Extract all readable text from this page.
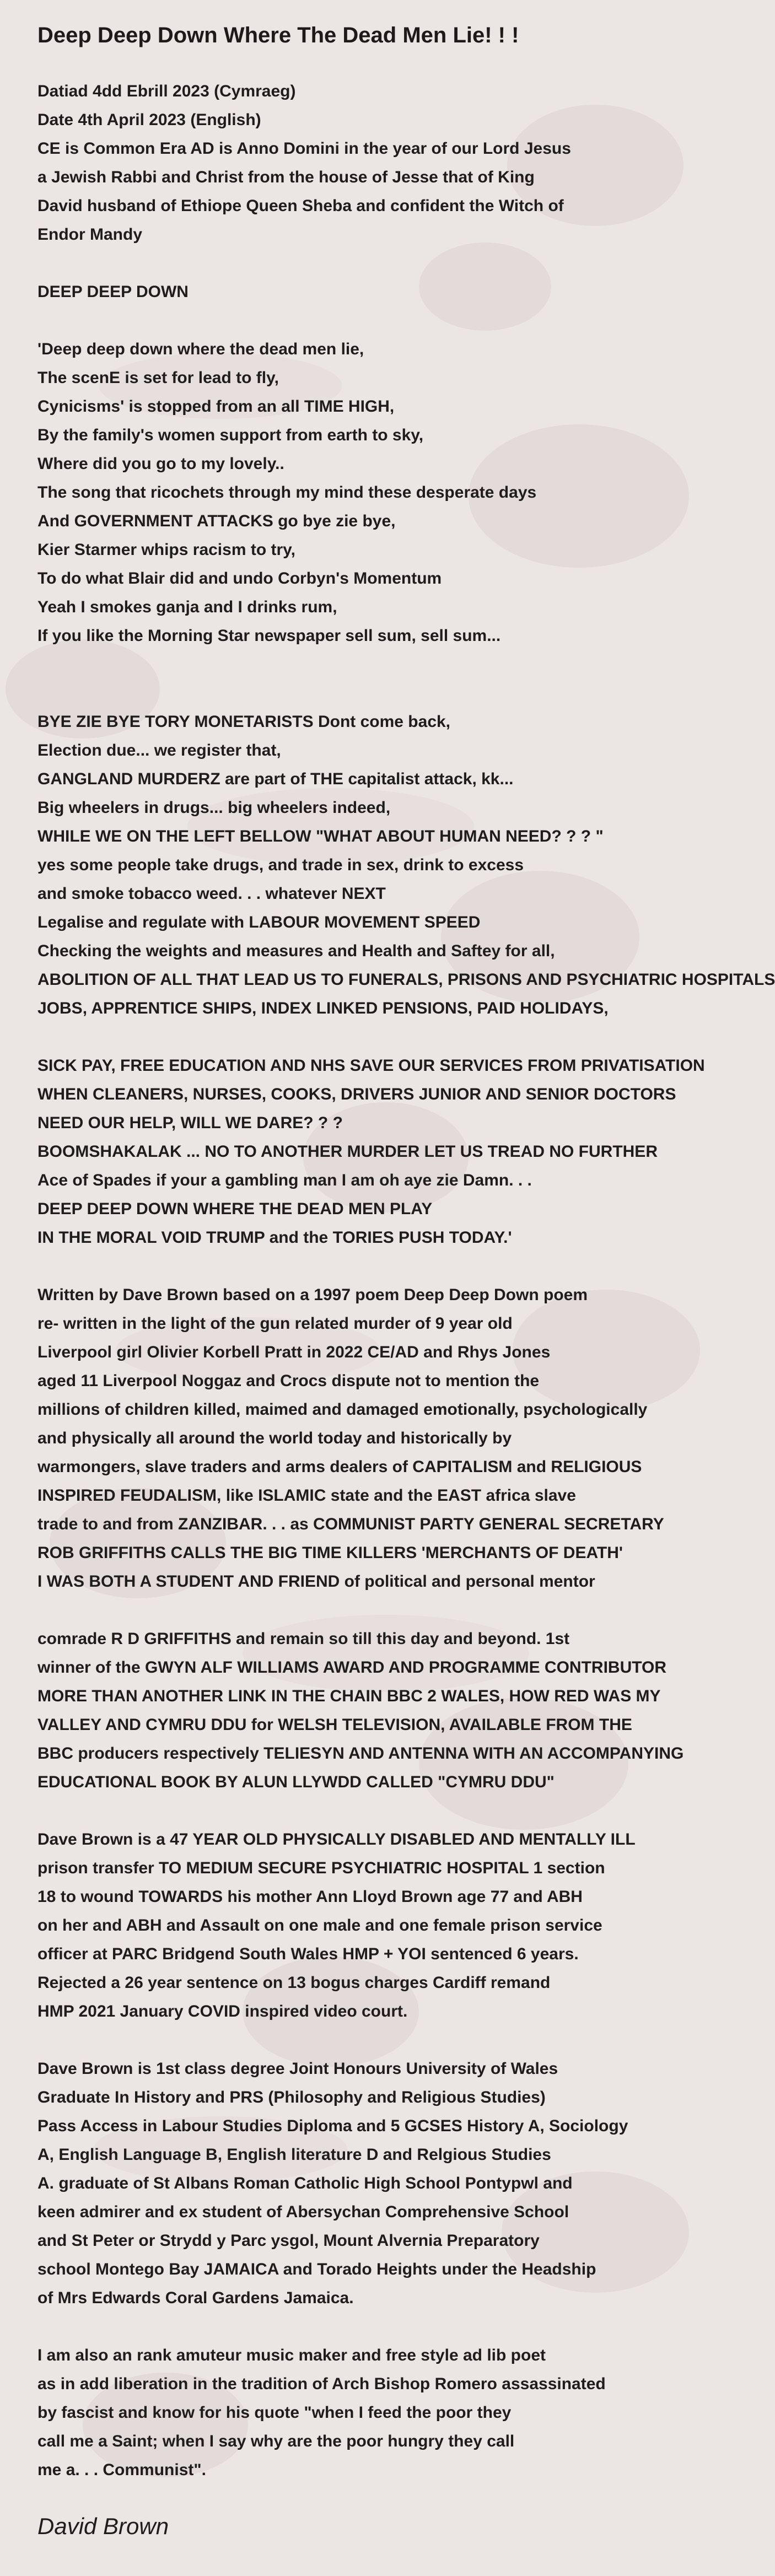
Deep Deep Down Where The Dead Men Lie! ! !
Datiad 4dd Ebrill 2023 (Cymraeg)
Date 4th April 2023 (English)
CE is Common Era AD is Anno Domini in the year of our Lord Jesus
a Jewish Rabbi and Christ from the house of Jesse that of King
David husband of Ethiope Queen Sheba and confident the Witch of
Endor Mandy
DEEP DEEP DOWN
'Deep deep down where the dead men lie,
The scenE is set for lead to fly,
Cynicisms' is stopped from an all TIME HIGH,
By the family's women support from earth to sky,
Where did you go to my lovely..
The song that ricochets through my mind these desperate days
And GOVERNMENT ATTACKS go bye zie bye,
Kier Starmer whips racism to try,
To do what Blair did and undo Corbyn's Momentum
Yeah I smokes ganja and I drinks rum,
If you like the Morning Star newspaper sell sum, sell sum...
BYE ZIE BYE TORY MONETARISTS Dont come back,
Election due... we register that,
GANGLAND MURDERZ are part of THE capitalist attack, kk...
Big wheelers in drugs... big wheelers indeed,
WHILE WE ON THE LEFT BELLOW "WHAT ABOUT HUMAN NEED? ? ? "
yes some people take drugs, and trade in sex, drink to excess
and smoke tobacco weed. . . whatever NEXT
Legalise and regulate with LABOUR MOVEMENT SPEED
Checking the weights and measures and Health and Saftey for all,
ABOLITION OF ALL THAT LEAD US TO FUNERALS, PRISONS AND PSYCHIATRIC HOSPITALS
JOBS, APPRENTICE SHIPS, INDEX LINKED PENSIONS, PAID HOLIDAYS,
SICK PAY, FREE EDUCATION AND NHS SAVE OUR SERVICES FROM PRIVATISATION
WHEN CLEANERS, NURSES, COOKS, DRIVERS JUNIOR AND SENIOR DOCTORS
NEED OUR HELP, WILL WE DARE? ? ?
BOOMSHAKALAK ... NO TO ANOTHER MURDER LET US TREAD NO FURTHER
Ace of Spades if your a gambling man I am oh aye zie Damn. . .
DEEP DEEP DOWN WHERE THE DEAD MEN PLAY
IN THE MORAL VOID TRUMP and the TORIES PUSH TODAY.'
Written by Dave Brown based on a 1997 poem Deep Deep Down poem
re- written in the light of the gun related murder of 9 year old
Liverpool girl Olivier Korbell Pratt in 2022 CE/AD and Rhys Jones
aged 11 Liverpool Noggaz and Crocs dispute not to mention the
millions of children killed, maimed and damaged emotionally, psychologically
and physically all around the world today and historically by
warmongers, slave traders and arms dealers of CAPITALISM and RELIGIOUS
INSPIRED FEUDALISM, like ISLAMIC state and the EAST africa slave
trade to and from ZANZIBAR. . . as COMMUNIST PARTY GENERAL SECRETARY
ROB GRIFFITHS CALLS THE BIG TIME KILLERS 'MERCHANTS OF DEATH'
I WAS BOTH A STUDENT AND FRIEND of political and personal mentor
comrade R D GRIFFITHS and remain so till this day and beyond. 1st
winner of the GWYN ALF WILLIAMS AWARD AND PROGRAMME CONTRIBUTOR
MORE THAN ANOTHER LINK IN THE CHAIN BBC 2 WALES, HOW RED WAS MY
VALLEY AND CYMRU DDU for WELSH TELEVISION, AVAILABLE FROM THE
BBC producers respectively TELIESYN AND ANTENNA WITH AN ACCOMPANYING
EDUCATIONAL BOOK BY ALUN LLYWDD CALLED "CYMRU DDU"
Dave Brown is a 47 YEAR OLD PHYSICALLY DISABLED AND MENTALLY ILL
prison transfer TO MEDIUM SECURE PSYCHIATRIC HOSPITAL 1 section
18 to wound TOWARDS his mother Ann Lloyd Brown age 77 and ABH
on her and ABH and Assault on one male and one female prison service
officer at PARC Bridgend South Wales HMP + YOI sentenced 6 years.
Rejected a 26 year sentence on 13 bogus charges Cardiff remand
HMP 2021 January COVID inspired video court.
Dave Brown is 1st class degree Joint Honours University of Wales
Graduate In History and PRS (Philosophy and Religious Studies)
Pass Access in Labour Studies Diploma and 5 GCSES History A, Sociology
A, English Language B, English literature D and Relgious Studies
A. graduate of St Albans Roman Catholic High School Pontypwl and
keen admirer and ex student of Abersychan Comprehensive School
and St Peter or Strydd y Parc ysgol, Mount Alvernia Preparatory
school Montego Bay JAMAICA and Torado Heights under the Headship
of Mrs Edwards Coral Gardens Jamaica.
I am also an rank amuteur music maker and free style ad lib poet
as in add liberation in the tradition of Arch Bishop Romero assassinated
by fascist and know for his quote "when I feed the poor they
call me a Saint; when I say why are the poor hungry they call
me a. . . Communist".
David Brown
